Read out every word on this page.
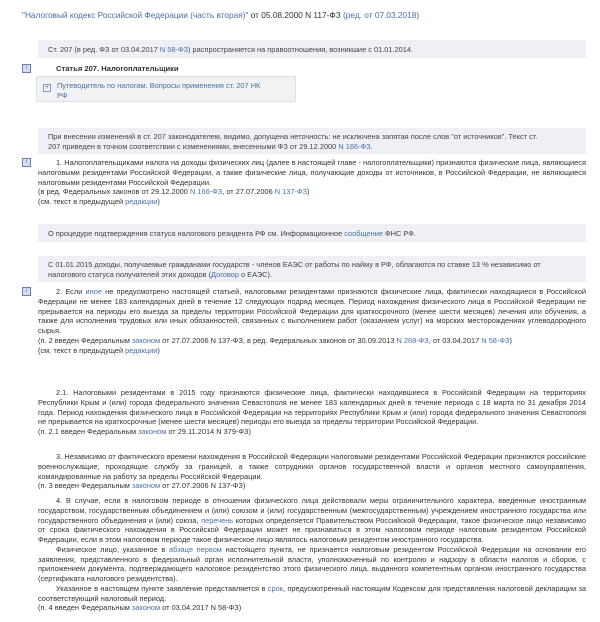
"Налоговый кодекс Российской Федерации (часть вторая)" от 05.08.2000 N 117-ФЗ (ред. от 07.03.2018)
Ст. 207 (в ред. ФЗ от 03.04.2017 N 58-ФЗ) распространяется на правоотношения, возникшие с 01.01.2014.
i	Статья 207. Налогоплательщики
+	Путеводитель по налогам. Вопросы применения ст. 207 НК
РФ
При внесении изменений в ст. 207 законодателем, видимо, допущена неточность: не исключена запятая после слов "от источников". Текст ст.
207 приведен в точном соответствии с изменениями, внесенными ФЗ от 29.12.2000 N 166-ФЗ.
i	1. Налогоплательщиками налога на доходы физических лиц (далее в настоящей главе - налогоплательщики) признаются физические лица, являющиеся налоговыми резидентами Российской Федерации, а также физические лица, получающие доходы от источников, в Российской Федерации, не являющиеся налоговыми резидентами Российской Федерации.
(в ред. Федеральных законов от 29.12.2000 N 166-ФЗ, от 27.07.2006 N 137-ФЗ)
(см. текст в предыдущей редакции)
О процедуре подтверждения статуса налогового резидента РФ см. Информационное сообщение ФНС РФ.
С 01.01.2015 доходы, получаемые гражданами государств - членов ЕАЭС от работы по найму в РФ, облагаются по ставке 13 % независимо от
налогового статуса получателей этих доходов (Договор о ЕАЭС).
i	2. Если иное не предусмотрено настоящей статьей, налоговыми резидентами признаются физические лица, фактически находящиеся в Российской Федерации не менее 183 календарных дней в течение 12 следующих подряд месяцев. Период нахождения физического лица в Российской Федерации не прерывается на периоды его выезда за пределы территории Российской Федерации для краткосрочного (менее шести месяцев) лечения или обучения, а также для исполнения трудовых или иных обязанностей, связанных с выполнением работ (оказанием услуг) на морских месторождениях углеводородного сырья.
(п. 2 введен Федеральным законом от 27.07.2006 N 137-ФЗ, в ред. Федеральных законов от 30.09.2013 N 268-ФЗ, от 03.04.2017 N 58-ФЗ)
(см. текст в предыдущей редакции)
2.1. Налоговыми резидентами в 2015 году признаются физические лица, фактически находившиеся в Российской Федерации на территориях Республики Крым и (или) города федерального значения Севастополя не менее 183 календарных дней в течение периода с 18 марта по 31 декабря 2014 года. Период нахождения физического лица в Российской Федерации на территориях Республики Крым и (или) города федерального значения Севастополя не прерывается на краткосрочные (менее шести месяцев) периоды его выезда за пределы территории Российской Федерации.
(п. 2.1 введен Федеральным законом от 29.11.2014 N 379-ФЗ)
3. Независимо от фактического времени нахождения в Российской Федерации налоговыми резидентами Российской Федерации признаются российские военнослужащие, проходящие службу за границей, а также сотрудники органов государственной власти и органов местного самоуправления, командированные на работу за пределы Российской Федерации.
(п. 3 введен Федеральным законом от 27.07.2006 N 137-ФЗ)
4. В случае, если в налоговом периоде в отношении физического лица действовали меры ограничительного характера, введенные иностранным государством, государственным объединением и (или) союзом и (или) государственным (межгосударственным) учреждением иностранного государства или государственного объединения и (или) союза, перечень которых определяется Правительством Российской Федерации, такое физическое лицо независимо от срока фактического нахождения в Российской Федерации может не признаваться в этом налоговом периоде налоговым резидентом Российской Федерации, если в этом налоговом периоде такое физическое лицо являлось налоговым резидентом иностранного государства.
Физическое лицо, указанное в абзаце первом настоящего пункта, не признается налоговым резидентом Российской Федерации на основании его заявления, представленного в федеральный орган исполнительной власти, уполномоченный по контролю и надзору в области налогов и сборов, с приложением документа, подтверждающего налоговое резидентство этого физического лица, выданного компетентным органом иностранного государства (сертификата налогового резидентства).
Указанное в настоящем пункте заявление представляется в срок, предусмотренный настоящим Кодексом для представления налоговой декларации за соответствующий налоговый период.
(п. 4 введен Федеральным законом от 03.04.2017 N 58-ФЗ)
